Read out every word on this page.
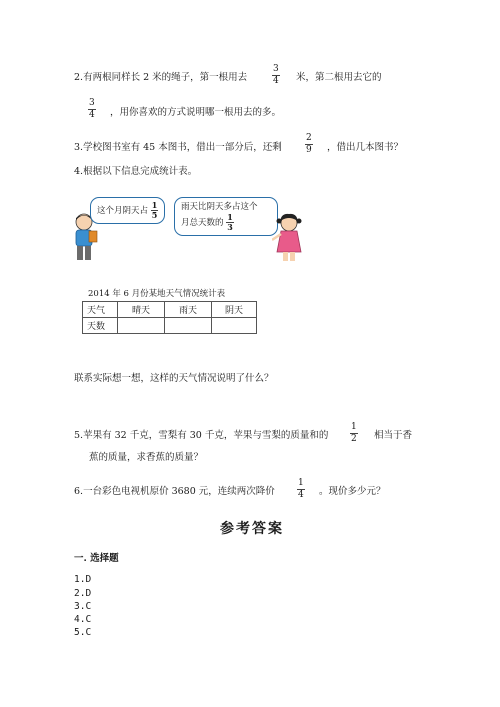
2.有两根同样长 2 米的绳子，第一根用去	$\frac{3}{4}$ 米，第二根用去它的
$\frac{3}{4}$ ，用你喜欢的方式说明哪一根用去的多。
3.学校图书室有 45 本图书，借出一部分后，还剩	$\frac{2}{9}$ ，借出几本图书？
4.根据以下信息完成统计表。
这个月阴天占 $\frac{1}{5}$	雨天比阴天多占这个
月总天数的 $\frac{1}{3}$
2014 年 6 月份某地天气情况统计表
天气	晴天	雨天	阴天
天数			
联系实际想一想，这样的天气情况说明了什么？
5.苹果有 32 千克，雪梨有 30 千克，苹果与雪梨的质量和的 $\frac{1}{2}$ 相当于香
蕉的质量，求香蕉的质量？
6.一台彩色电视机原价 3680 元，连续两次降价 $\frac{1}{4}$ 。现价多少元？
参考答案
一. 选择题
1.D
2.D
3.C
4.C
5.C
